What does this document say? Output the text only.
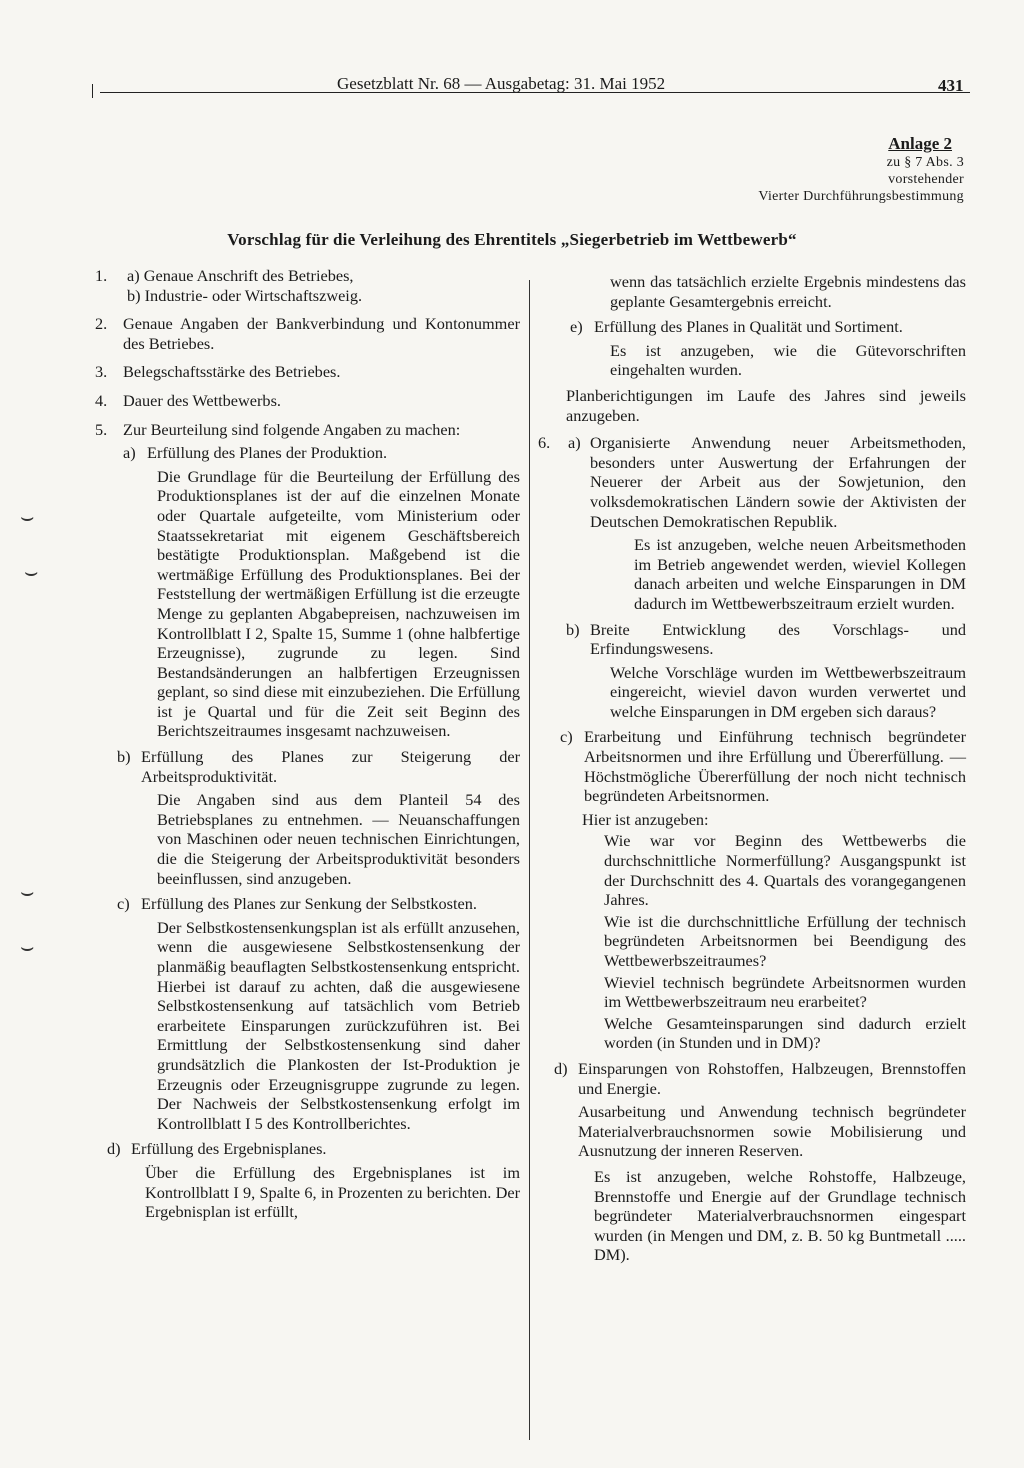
Gesetzblatt Nr. 68 — Ausgabetag: 31. Mai 1952	431
Anlage 2
zu § 7 Abs. 3
vorstehender
Vierter Durchführungsbestimmung
Vorschlag für die Verleihung des Ehrentitels „Siegerbetrieb im Wettbewerb“
1. a) Genaue Anschrift des Betriebes,
b) Industrie- oder Wirtschaftszweig.
2. Genaue Angaben der Bankverbindung und Kontonummer des Betriebes.
3. Belegschaftsstärke des Betriebes.
4. Dauer des Wettbewerbs.
5. Zur Beurteilung sind folgende Angaben zu machen:
a) Erfüllung des Planes der Produktion.
Die Grundlage für die Beurteilung der Erfüllung des Produktionsplanes ist der auf die einzelnen Monate oder Quartale aufgeteilte, vom Ministerium oder Staatssekretariat mit eigenem Geschäftsbereich bestätigte Produktionsplan. Maßgebend ist die wertmäßige Erfüllung des Produktionsplanes. Bei der Feststellung der wertmäßigen Erfüllung ist die erzeugte Menge zu geplanten Abgabepreisen, nachzuweisen im Kontrollblatt I 2, Spalte 15, Summe 1 (ohne halbfertige Erzeugnisse), zugrunde zu legen. Sind Bestandsänderungen an halbfertigen Erzeugnissen geplant, so sind diese mit einzubeziehen. Die Erfüllung ist je Quartal und für die Zeit seit Beginn des Berichtszeitraumes insgesamt nachzuweisen.
b) Erfüllung des Planes zur Steigerung der Arbeitsproduktivität.
Die Angaben sind aus dem Planteil 54 des Betriebsplanes zu entnehmen. — Neuanschaffungen von Maschinen oder neuen technischen Einrichtungen, die die Steigerung der Arbeitsproduktivität besonders beeinflussen, sind anzugeben.
c) Erfüllung des Planes zur Senkung der Selbstkosten.
Der Selbstkostensenkungsplan ist als erfüllt anzusehen, wenn die ausgewiesene Selbstkostensenkung der planmäßig beauflagten Selbstkostensenkung entspricht. Hierbei ist darauf zu achten, daß die ausgewiesene Selbstkostensenkung auf tatsächlich vom Betrieb erarbeitete Einsparungen zurückzuführen ist. Bei Ermittlung der Selbstkostensenkung sind daher grundsätzlich die Plankosten der Ist-Produktion je Erzeugnis oder Erzeugnisgruppe zugrunde zu legen. Der Nachweis der Selbstkostensenkung erfolgt im Kontrollblatt I 5 des Kontrollberichtes.
d) Erfüllung des Ergebnisplanes.
Über die Erfüllung des Ergebnisplanes ist im Kontrollblatt I 9, Spalte 6, in Prozenten zu berichten. Der Ergebnisplan ist erfüllt,
wenn das tatsächlich erzielte Ergebnis mindestens das geplante Gesamtergebnis erreicht.
e) Erfüllung des Planes in Qualität und Sortiment.
Es ist anzugeben, wie die Gütevorschriften eingehalten wurden.
Planberichtigungen im Laufe des Jahres sind jeweils anzugeben.
6. a) Organisierte Anwendung neuer Arbeitsmethoden, besonders unter Auswertung der Erfahrungen der Neuerer der Arbeit aus der Sowjetunion, den volksdemokratischen Ländern sowie der Aktivisten der Deutschen Demokratischen Republik.
Es ist anzugeben, welche neuen Arbeitsmethoden im Betrieb angewendet werden, wieviel Kollegen danach arbeiten und welche Einsparungen in DM dadurch im Wettbewerbszeitraum erzielt wurden.
b) Breite Entwicklung des Vorschlags- und Erfindungswesens.
Welche Vorschläge wurden im Wettbewerbszeitraum eingereicht, wieviel davon wurden verwertet und welche Einsparungen in DM ergeben sich daraus?
c) Erarbeitung und Einführung technisch begründeter Arbeitsnormen und ihre Erfüllung und Übererfüllung. — Höchstmögliche Übererfüllung der noch nicht technisch begründeten Arbeitsnormen.
Hier ist anzugeben:
Wie war vor Beginn des Wettbewerbs die durchschnittliche Normerfüllung? Ausgangspunkt ist der Durchschnitt des 4. Quartals des vorangegangenen Jahres.
Wie ist die durchschnittliche Erfüllung der technisch begründeten Arbeitsnormen bei Beendigung des Wettbewerbszeitraumes?
Wieviel technisch begründete Arbeitsnormen wurden im Wettbewerbszeitraum neu erarbeitet?
Welche Gesamteinsparungen sind dadurch erzielt worden (in Stunden und in DM)?
d) Einsparungen von Rohstoffen, Halbzeugen, Brennstoffen und Energie.
Ausarbeitung und Anwendung technisch begründeter Materialverbrauchsnormen sowie Mobilisierung und Ausnutzung der inneren Reserven.
Es ist anzugeben, welche Rohstoffe, Halbzeuge, Brennstoffe und Energie auf der Grundlage technisch begründeter Materialverbrauchsnormen eingespart wurden (in Mengen und DM, z. B. 50 kg Buntmetall ..... DM).
⌣
⌣
⌣
⌣
